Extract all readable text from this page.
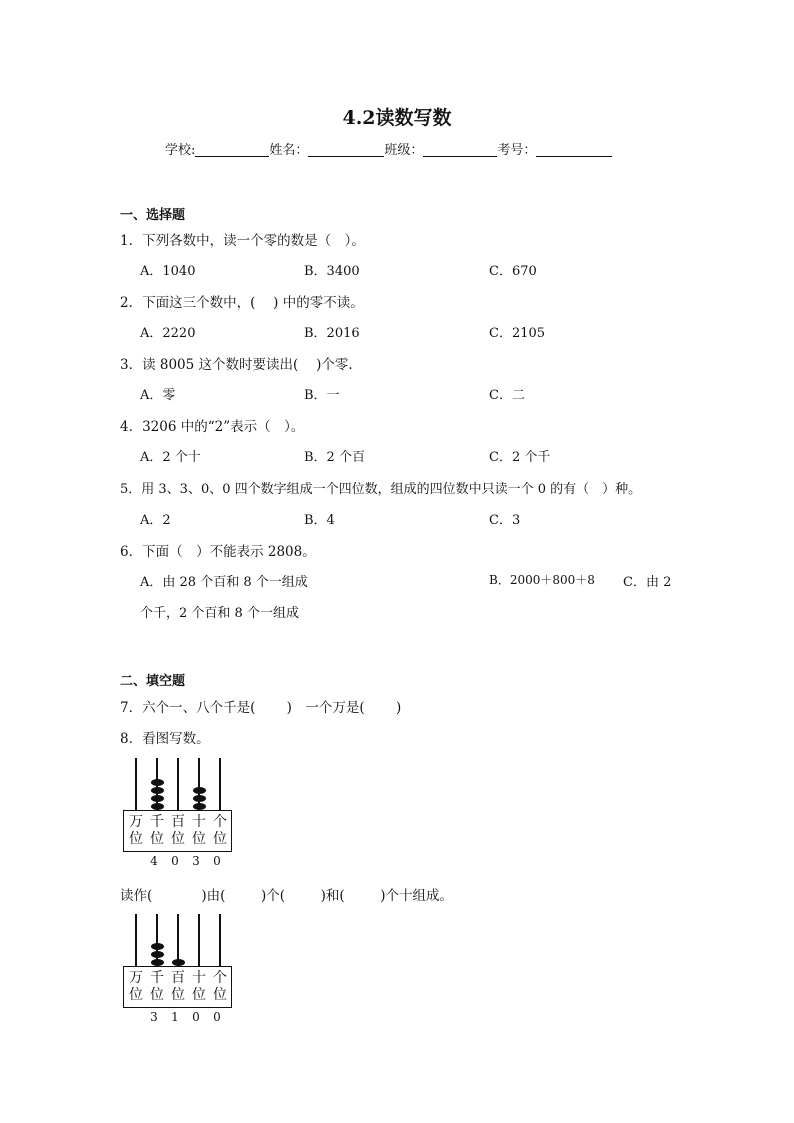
4.2读数写数
学校:	姓名：	班级：	考号：
一、选择题
1．下列各数中，读一个零的数是（　）。
A．1040	B．3400	C．670
2．下面这三个数中，(　 ) 中的零不读。
A．2220	B．2016	C．2105
3．读 8005 这个数时要读出(　 )个零.
A．零	B．一	C．二
4．3206 中的“2”表示（　）。
A．2 个十	B．2 个百	C．2 个千
5．用 3、3、0、0 四个数字组成一个四位数，组成的四位数中只读一个 0 的有（　）种。
A．2	B．4	C．3
6．下面（　）不能表示 2808。
A．由 28 个百和 8 个一组成	B．2000＋800＋8 C．由 2
个千，2 个百和 8 个一组成
二、填空题
7．六个一、八个千是(　 　)　一个万是(　 　)
8．看图写数。
万 千 百 十 个
位 位 位 位 位
4	0	3	0
读作(　 　 　)由(　 　 )个(　 　 )和(　 　 )个十组成。
万 千 百 十 个
位 位 位 位 位
3	1	0	0
